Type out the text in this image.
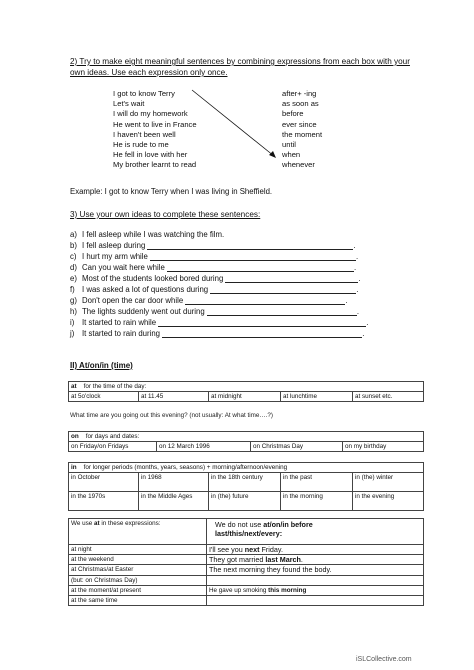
2) Try to make eight meaningful sentences by combining expressions from each box with your own ideas. Use each expression only once.
I got to know Terry
Let's wait
I will do my homework
He went to live in France
I haven't been well
He is rude to me
He fell in love with her
My brother learnt to read
after+ -ing
as soon as
before
ever since
the moment
until
when
whenever
Example: I got to know Terry when I was living in Sheffield.
3) Use your own ideas to complete these sentences:
a) I fell asleep while I was watching the film.
b) I fell asleep during	.
c) I hurt my arm while	.
d) Can you wait here while	.
e) Most of the students looked bored during	.
f) I was asked a lot of questions during	.
g) Don't open the car door while	.
h) The lights suddenly went out during	.
i) It started to rain while	.
j) It started to rain during	.
II) At/on/in (time)
at for the time of the day:
at 5o'clock	at 11.45	at midnight	at lunchtime	at sunset etc.
What time are you going out this evening? (not usually: At what time….?)
on for days and dates:
on Friday/on Fridays	on 12 March 1996	on Christmas Day	on my birthday
in for longer periods (months, years, seasons) + morning/afternoon/evening				
in October	in 1968	in the 18th century	in the past	in (the) winter
in the 1970s	in the Middle Ages	in (the) future	in the morning	in the evening
We use at in these expressions:	We do not use at/on/in before
last/this/next/every:
at night	I'll see you next Friday.
at the weekend	They got married last March.
at Christmas/at Easter	The next morning they found the body.
(but: on Christmas Day)	
at the moment/at present	He gave up smoking this morning
at the same time	
iSLCollective.com
